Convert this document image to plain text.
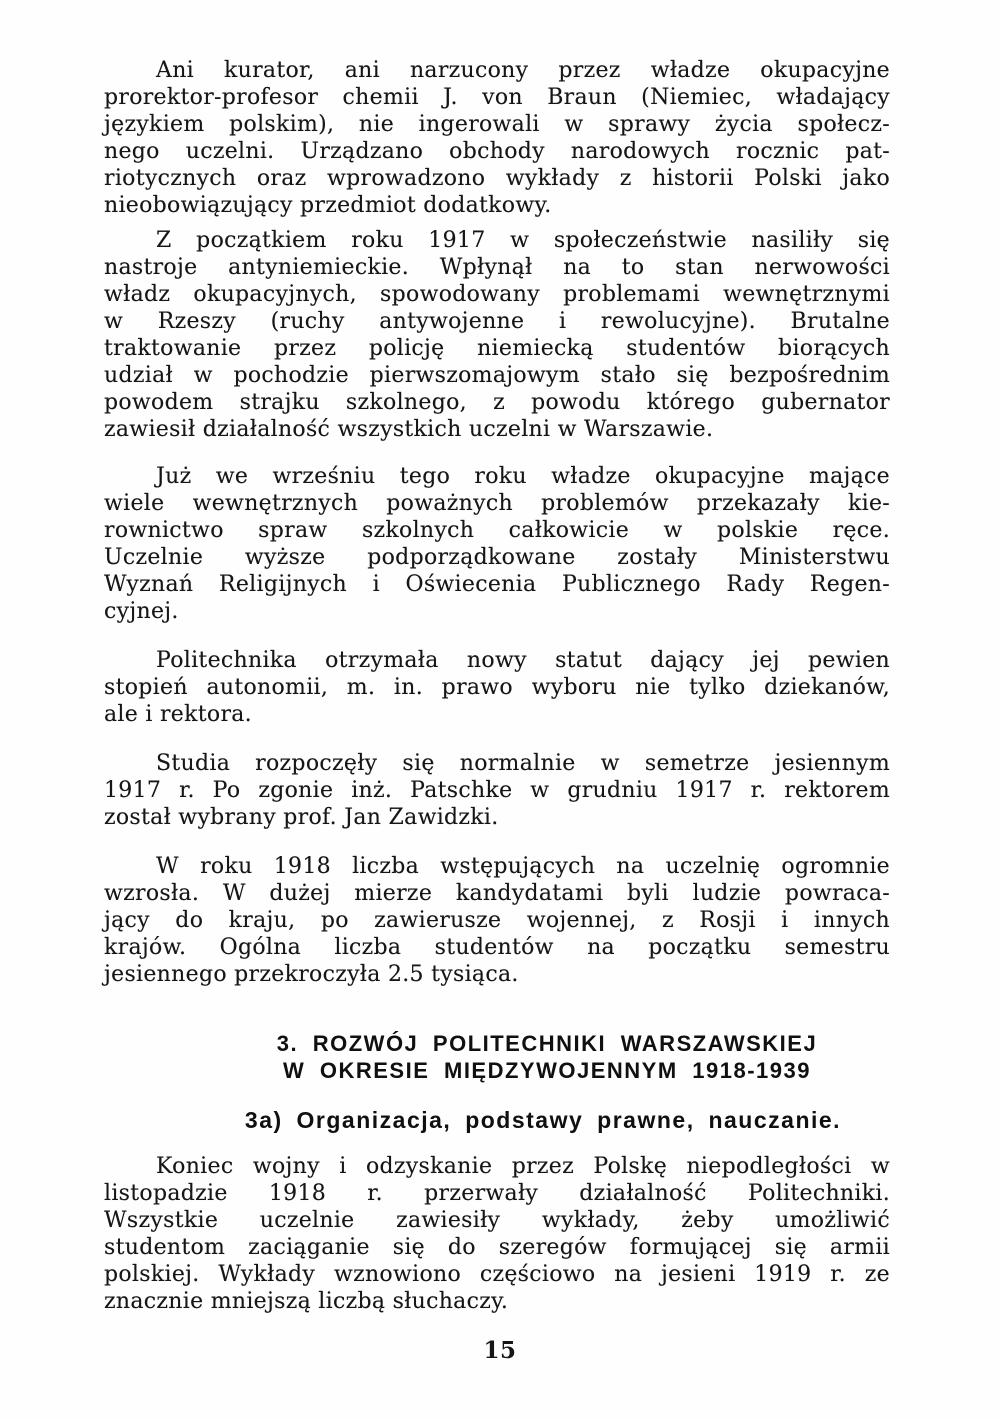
Ani kurator, ani narzucony przez władze okupacyjne
prorektor-profesor chemii J. von Braun (Niemiec, władający
językiem polskim), nie ingerowali w sprawy życia społecz-
nego uczelni. Urządzano obchody narodowych rocznic pat-
riotycznych oraz wprowadzono wykłady z historii Polski jako
nieobowiązujący przedmiot dodatkowy.
Z początkiem roku 1917 w społeczeństwie nasiliły się
nastroje antyniemieckie. Wpłynął na to stan nerwowości
władz okupacyjnych, spowodowany problemami wewnętrznymi
w Rzeszy (ruchy antywojenne i rewolucyjne). Brutalne
traktowanie przez policję niemiecką studentów biorących
udział w pochodzie pierwszomajowym stało się bezpośrednim
powodem strajku szkolnego, z powodu którego gubernator
zawiesił działalność wszystkich uczelni w Warszawie.
Już we wrześniu tego roku władze okupacyjne mające
wiele wewnętrznych poważnych problemów przekazały kie-
rownictwo spraw szkolnych całkowicie w polskie ręce.
Uczelnie wyższe podporządkowane zostały Ministerstwu
Wyznań Religijnych i Oświecenia Publicznego Rady Regen-
cyjnej.
Politechnika otrzymała nowy statut dający jej pewien
stopień autonomii, m. in. prawo wyboru nie tylko dziekanów,
ale i rektora.
Studia rozpoczęły się normalnie w semetrze jesiennym
1917 r. Po zgonie inż. Patschke w grudniu 1917 r. rektorem
został wybrany prof. Jan Zawidzki.
W roku 1918 liczba wstępujących na uczelnię ogromnie
wzrosła. W dużej mierze kandydatami byli ludzie powraca-
jący do kraju, po zawierusze wojennej, z Rosji i innych
krajów. Ogólna liczba studentów na początku semestru
jesiennego przekroczyła 2.5 tysiąca.
3. ROZWÓJ POLITECHNIKI WARSZAWSKIEJ
W OKRESIE MIĘDZYWOJENNYM 1918-1939
3a) Organizacja, podstawy prawne, nauczanie.
Koniec wojny i odzyskanie przez Polskę niepodległości w
listopadzie 1918 r. przerwały działalność Politechniki.
Wszystkie uczelnie zawiesiły wykłady, żeby umożliwić
studentom zaciąganie się do szeregów formującej się armii
polskiej. Wykłady wznowiono częściowo na jesieni 1919 r. ze
znacznie mniejszą liczbą słuchaczy.
15
